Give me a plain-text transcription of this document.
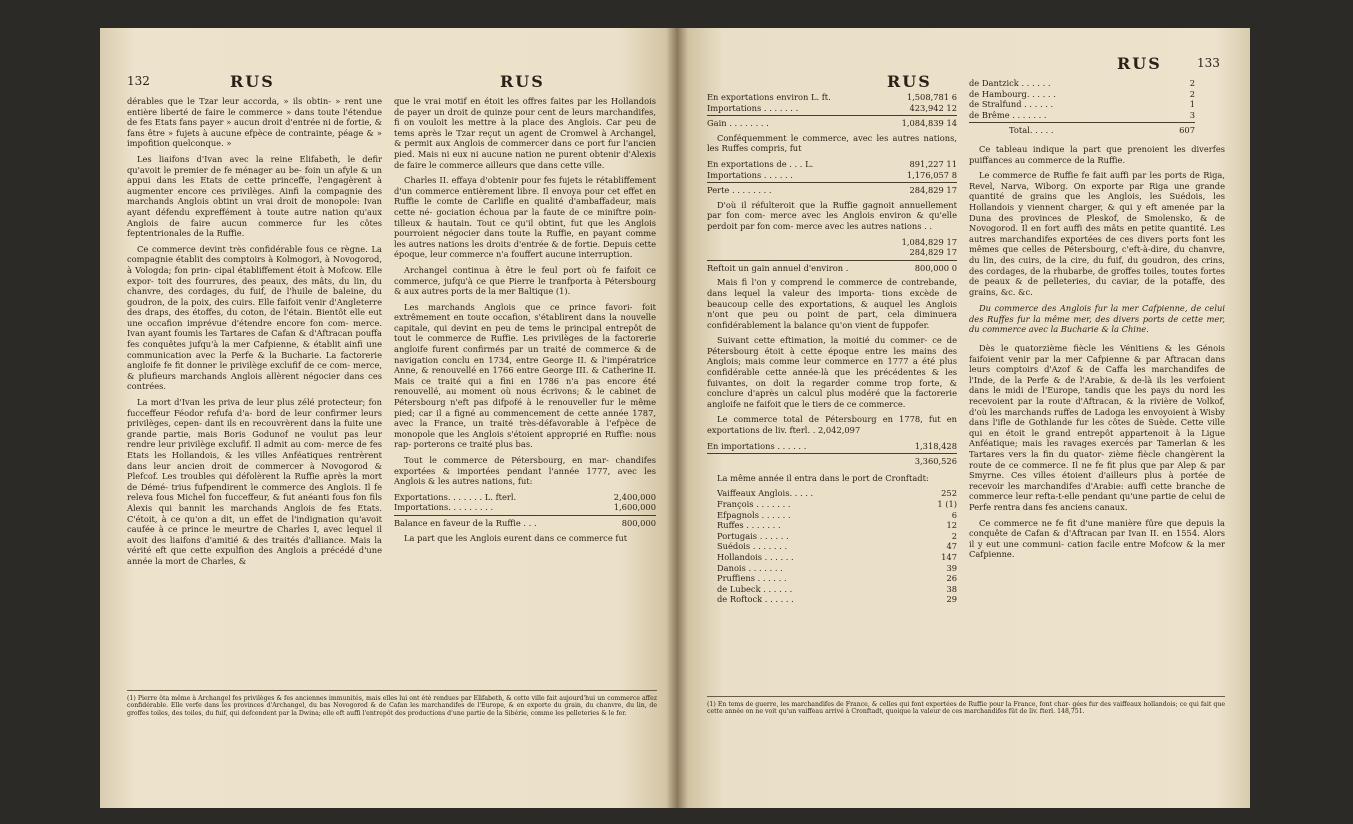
132	RUS	RUS

dérables que le Tzar leur accorda, » ils obtin- » rent une entière liberté de faire le commerce » dans toute l'étendue de fes Etats fans payer » aucun droit d'entrée ni de fortie, & fans être » fujets à aucune efpèce de contrainte, péage & » impofition quelconque. »

Les liaifons d'Ivan avec la reine Elifabeth, le defir qu'avoit le premier de fe ménager au be- foin un afyle & un appui dans les Etats de cette princeffe, l'engagèrent à augmenter encore ces privilèges. Ainfi la compagnie des marchands Anglois obtint un vrai droit de monopole: Ivan ayant défendu expreffément à toute autre nation qu'aux Anglois de faire aucun commerce fur les côtes feptentrionales de la Ruffie.

Ce commerce devint très confidérable fous ce règne. La compagnie établit des comptoirs à Kolmogori, à Novogorod, à Vologda; fon prin- cipal établiffement étoit à Mofcow. Elle expor- toit des fourrures, des peaux, des mâts, du lin, du chanvre, des cordages, du fuif, de l'huile de baleine, du goudron, de la poix, des cuirs. Elle faifoit venir d'Angleterre des draps, des étoffes, du coton, de l'étain. Bientôt elle eut une occafion imprévue d'étendre encore fon com- merce. Ivan ayant foumis les Tartares de Cafan & d'Aftracan pouffa fes conquêtes jufqu'à la mer Cafpienne, & établit ainfi une communication avec la Perfe & la Bucharie. La factorerie angloife fe fit donner le privilège exclufif de ce com- merce, & plufieurs marchands Anglois allèrent négocier dans ces contrées.

La mort d'Ivan les priva de leur plus zélé protecteur; fon fucceffeur Féodor refufa d'a- bord de leur confirmer leurs privilèges, cepen- dant ils en recouvrèrent dans la fuite une grande partie, mais Boris Godunof ne voulut pas leur rendre leur privilège exclufif. Il admit au com- merce de fes Etats les Hollandois, & les villes Anféatiques rentrèrent dans leur ancien droit de commercer à Novogorod & Plefcof. Les troubles qui défolèrent la Ruffie après la mort de Démé- trius fufpendirent le commerce des Anglois. Il fe releva fous Michel fon fucceffeur, & fut anéanti fous fon fils Alexis qui bannit les marchands Anglois de fes Etats. C'étoit, à ce qu'on a dit, un effet de l'indignation qu'avoit caufée à ce prince le meurtre de Charles I, avec lequel il avoit des liaifons d'amitié & des traités d'alliance. Mais la vérité eft que cette expulfion des Anglois a précédé d'une année la mort de Charles, &

que le vrai motif en étoit les offres faites par les Hollandois de payer un droit de quinze pour cent de leurs marchandifes, fi on vouloit les mettre à la place des Anglois. Car peu de tems après le Tzar reçut un agent de Cromwel à Archangel, & permit aux Anglois de commercer dans ce port fur l'ancien pied. Mais ni eux ni aucune nation ne purent obtenir d'Alexis de faire le commerce ailleurs que dans cette ville.

Charles II. effaya d'obtenir pour fes fujets le rétabliffement d'un commerce entièrement libre. Il envoya pour cet effet en Ruffie le comte de Carlifle en qualité d'ambaffadeur, mais cette né- gociation échoua par la faute de ce miniftre poin- tilleux & hautain. Tout ce qu'il obtint, fut que les Anglois pourroient négocier dans toute la Ruffie, en payant comme les autres nations les droits d'entrée & de fortie. Depuis cette époque, leur commerce n'a fouffert aucune interruption.

Archangel continua à être le feul port où fe faifoit ce commerce, jufqu'à ce que Pierre le tranfporta à Pétersbourg & aux autres ports de la mer Baltique (1).

Les marchands Anglois que ce prince favori- foit extrêmement en toute occafion, s'établirent dans la nouvelle capitale, qui devint en peu de tems le principal entrepôt de tout le commerce de Ruffie. Les privilèges de la factorerie angloife furent confirmés par un traité de commerce & de navigation conclu en 1734, entre George II. & l'impératrice Anne, & renouvellé en 1766 entre George III. & Catherine II. Mais ce traité qui a fini en 1786 n'a pas encore été renouvellé, au moment où nous écrivons; & le cabinet de Pétersbourg n'eft pas difpofé à le renouveller fur le même pied; car il a figné au commencement de cette année 1787, avec la France, un traité très-défavorable à l'efpèce de monopole que les Anglois s'étoient approprié en Ruffie: nous rap- porterons ce traité plus bas.

Tout le commerce de Pétersbourg, en mar- chandifes exportées & importées pendant l'année 1777, avec les Anglois & les autres nations, fut:

Exportations. . . . . . . L. fterl.	2,400,000
Importations. . . . . . . . .	1,600,000
Balance en faveur de la Ruffie . . .	800,000

La part que les Anglois eurent dans ce commerce fut

(1) Pierre ôta même à Archangel fes privilèges & fes anciennes immunités, mais elles lui ont été rendues par Elifabeth, & cette ville fait aujourd'hui un commerce affez confidérable. Elle verfe dans les provinces d'Archangel, du bas Novogorod & de Cafan les marchandifes de l'Europe, & en exporte du grain, du chanvre, du lin, de groffes toiles, des toiles, du fuif, qui defcendent par la Dwina; elle eft auffi l'entrepôt des productions d'une partie de la Sibérie, comme les pelleteries & le fer.
RUS
RUS	133
En exportations environ L. ft.	1,508,781 6
Importations . . . . . . .	423,942 12
Gain . . . . . . . .	1,084,839 14

Conféquemment le commerce, avec les autres nations, les Ruffes compris, fut

En exportations de . . . L.	891,227 11
Importations . . . . . .	1,176,057 8
Perte . . . . . . . .	284,829 17

D'où il réfulteroit que la Ruffie gagnoit annuellement par fon com- merce avec les Anglois environ & qu'elle perdoit par fon com- merce avec les autres nations . .

1,084,829 17
284,829 17
Reftoit un gain annuel d'environ .	800,000 0

Mais fi l'on y comprend le commerce de contrebande, dans lequel la valeur des importa- tions excède de beaucoup celle des exportations, & auquel les Anglois n'ont que peu ou point de part, cela diminuera confidérablement la balance qu'on vient de fuppofer.

Suivant cette eftimation, la moitié du commer- ce de Pétersbourg étoit à cette époque entre les mains des Anglois; mais comme leur commerce en 1777 a été plus confidérable cette année-là que les précédentes & les fuivantes, on doit la regarder comme trop forte, & conclure d'après un calcul plus modéré que la factorerie angloife ne faifoit que le tiers de ce commerce.

Le commerce total de Pétersbourg en 1778, fut en exportations de liv. fterl. . 2,042,097

En importations . . . . . .	1,318,428
3,360,526

La même année il entra dans le port de Cronftadt:

Vaiffeaux Anglois. . . . .	252
François . . . . . . .	1 (1)
Efpagnols . . . . . .	6
Ruffes . . . . . . .	12
Portugais . . . . . .	2
Suédois . . . . . . .	47
Hollandois . . . . . .	147
Danois . . . . . . .	39
Pruffiens . . . . . .	26
de Lubeck . . . . . .	38
de Roftock . . . . . .	29
de Dantzick . . . . . .	2
de Hambourg. . . . . .	2
de Stralfund . . . . . .	1
de Brême . . . . . . .	3
Total. . . . .	607

Ce tableau indique la part que prenoient les diverfes puiffances au commerce de la Ruffie.

Le commerce de Ruffie fe fait auffi par les ports de Riga, Revel, Narva, Wiborg. On exporte par Riga une grande quantité de grains que les Anglois, les Suédois, les Hollandois y viennent charger, & qui y eft amenée par la Duna des provinces de Pleskof, de Smolensko, & de Novogorod. Il en fort auffi des mâts en petite quantité. Les autres marchandifes exportées de ces divers ports font les mêmes que celles de Pétersbourg, c'eft-à-dire, du chanvre, du lin, des cuirs, de la cire, du fuif, du goudron, des crins, des cordages, de la rhubarbe, de groffes toiles, toutes fortes de peaux & de pelleteries, du caviar, de la potaffe, des grains, &c. &c.

Du commerce des Anglois fur la mer Cafpienne, de celui des Ruffes fur la même mer, des divers ports de cette mer, du commerce avec la Bucharie & la Chine.

Dès le quatorzième fiècle les Vénitiens & les Génois faifoient venir par la mer Cafpienne & par Aftracan dans leurs comptoirs d'Azof & de Caffa les marchandifes de l'Inde, de la Perfe & de l'Arabie, & de-là ils les verfoient dans le midi de l'Europe, tandis que les pays du nord les recevoient par la route d'Aftracan, & la rivière de Volkof, d'où les marchands ruffes de Ladoga les envoyoient à Wisby dans l'ifle de Gothlande fur les côtes de Suède. Cette ville qui en étoit le grand entrepôt appartenoit à la Ligue Anféatique; mais les ravages exercés par Tamerlan & les Tartares vers la fin du quator- zième fiècle changèrent la route de ce commerce. Il ne fe fit plus que par Alep & par Smyrne. Ces villes étoient d'ailleurs plus à portée de recevoir les marchandifes d'Arabie: auffi cette branche de commerce leur refta-t-elle pendant qu'une partie de celui de Perfe rentra dans fes anciens canaux.

Ce commerce ne fe fit d'une manière fûre que depuis la conquête de Cafan & d'Aftracan par Ivan II. en 1554. Alors il y eut une communi- cation facile entre Mofcow & la mer Cafpienne.

(1) En tems de guerre, les marchandifes de France, & celles qui font exportées de Ruffie pour la France, font char- gées fur des vaiffeaux hollandois; ce qui fait que cette année on ne voit qu'un vaiffeau arrivé à Cronftadt, quoique la valeur de ces marchandifes fût de liv. fterl. 148,751.
